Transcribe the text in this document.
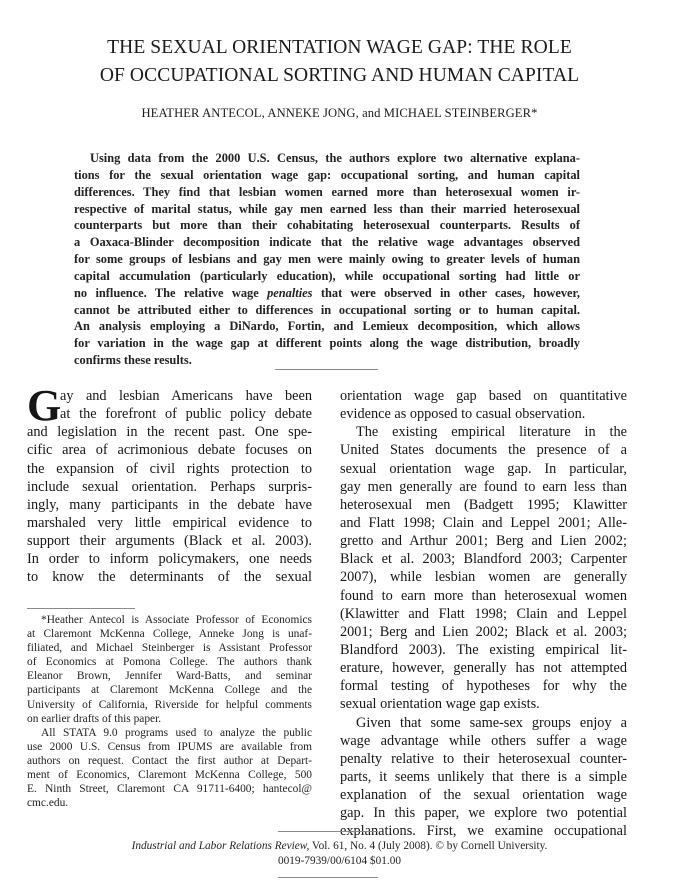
THE SEXUAL ORIENTATION WAGE GAP: THE ROLE
OF OCCUPATIONAL SORTING AND HUMAN CAPITAL
HEATHER ANTECOL, ANNEKE JONG, and MICHAEL STEINBERGER*
Using data from the 2000 U.S. Census, the authors explore two alternative explana-
tions for the sexual orientation wage gap: occupational sorting, and human capital
differences. They find that lesbian women earned more than heterosexual women ir-
respective of marital status, while gay men earned less than their married heterosexual
counterparts but more than their cohabitating heterosexual counterparts. Results of
a Oaxaca-Blinder decomposition indicate that the relative wage advantages observed
for some groups of lesbians and gay men were mainly owing to greater levels of human
capital accumulation (particularly education), while occupational sorting had little or
no influence. The relative wage penalties that were observed in other cases, however,
cannot be attributed either to differences in occupational sorting or to human capital.
An analysis employing a DiNardo, Fortin, and Lemieux decomposition, which allows
for variation in the wage gap at different points along the wage distribution, broadly
confirms these results.
G
ay and lesbian Americans have been
at the forefront of public policy debate
and legislation in the recent past. One spe-
cific area of acrimonious debate focuses on
the expansion of civil rights protection to
include sexual orientation. Perhaps surpris-
ingly, many participants in the debate have
marshaled very little empirical evidence to
support their arguments (Black et al. 2003).
In order to inform policymakers, one needs
to know the determinants of the sexual
*Heather Antecol is Associate Professor of Economics
at Claremont McKenna College, Anneke Jong is unaf-
filiated, and Michael Steinberger is Assistant Professor
of Economics at Pomona College. The authors thank
Eleanor Brown, Jennifer Ward-Batts, and seminar
participants at Claremont McKenna College and the
University of California, Riverside for helpful comments
on earlier drafts of this paper.
All STATA 9.0 programs used to analyze the public
use 2000 U.S. Census from IPUMS are available from
authors on request. Contact the first author at Depart-
ment of Economics, Claremont McKenna College, 500
E. Ninth Street, Claremont CA 91711-6400; hantecol@
cmc.edu.
orientation wage gap based on quantitative
evidence as opposed to casual observation.
The existing empirical literature in the
United States documents the presence of a
sexual orientation wage gap. In particular,
gay men generally are found to earn less than
heterosexual men (Badgett 1995; Klawitter
and Flatt 1998; Clain and Leppel 2001; Alle-
gretto and Arthur 2001; Berg and Lien 2002;
Black et al. 2003; Blandford 2003; Carpenter
2007), while lesbian women are generally
found to earn more than heterosexual women
(Klawitter and Flatt 1998; Clain and Leppel
2001; Berg and Lien 2002; Black et al. 2003;
Blandford 2003). The existing empirical lit-
erature, however, generally has not attempted
formal testing of hypotheses for why the
sexual orientation wage gap exists.
Given that some same-sex groups enjoy a
wage advantage while others suffer a wage
penalty relative to their heterosexual counter-
parts, it seems unlikely that there is a simple
explanation of the sexual orientation wage
gap. In this paper, we explore two potential
explanations. First, we examine occupational
Industrial and Labor Relations Review, Vol. 61, No. 4 (July 2008). © by Cornell University.
0019-7939/00/6104 $01.00
